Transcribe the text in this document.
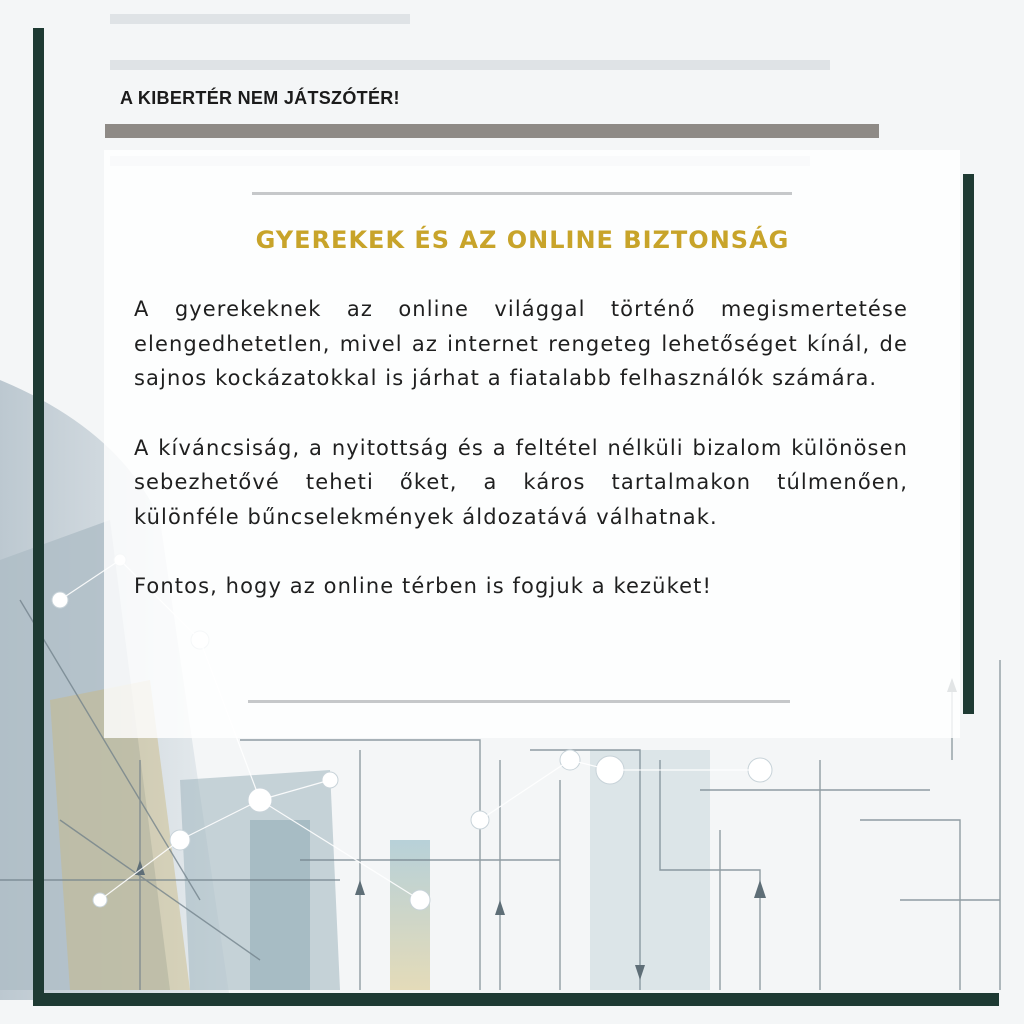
A KIBERTÉR NEM JÁTSZÓTÉR!
GYEREKEK ÉS AZ ONLINE BIZTONSÁG

A gyerekeknek az online világgal történő megismertetése elengedhetetlen, mivel az internet rengeteg lehetőséget kínál, de sajnos kockázatokkal is járhat a fiatalabb felhasználók számára.

A kíváncsiság, a nyitottság és a feltétel nélküli bizalom különösen sebezhetővé teheti őket, a káros tartalmakon túlmenően, különféle bűncselekmények áldozatává válhatnak.

Fontos, hogy az online térben is fogjuk a kezüket!
